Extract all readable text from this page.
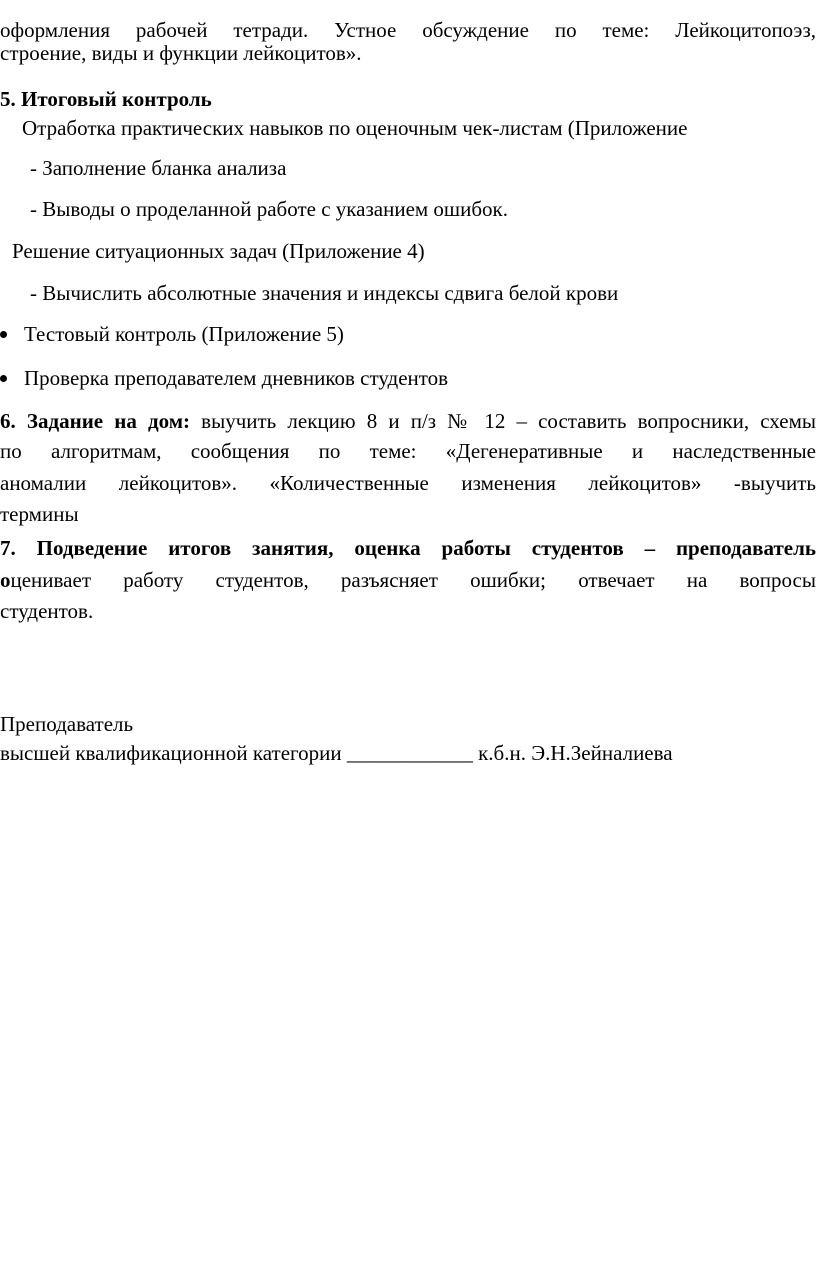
оформления рабочей тетради. Устное обсуждение по теме: Лейкоцитопоэз,
строение, виды и функции лейкоцитов».
5. Итоговый контроль
Отработка практических навыков по оценочным чек-листам (Приложение
- Заполнение бланка анализа
- Выводы о проделанной работе с указанием ошибок.
Решение ситуационных задач (Приложение 4)
- Вычислить абсолютные значения и индексы сдвига белой крови
Тестовый контроль (Приложение 5)
Проверка преподавателем дневников студентов
6. Задание на дом: выучить лекцию 8 и п/з № 12 – составить вопросники, схемы
по алгоритмам, сообщения по теме: «Дегенеративные и наследственные
аномалии лейкоцитов». «Количественные изменения лейкоцитов» -выучить
термины
7. Подведение итогов занятия, оценка работы студентов – преподаватель
оценивает работу студентов, разъясняет ошибки; отвечает на вопросы
студентов.
Преподаватель
высшей квалификационной категории ____________ к.б.н. Э.Н.Зейналиева
